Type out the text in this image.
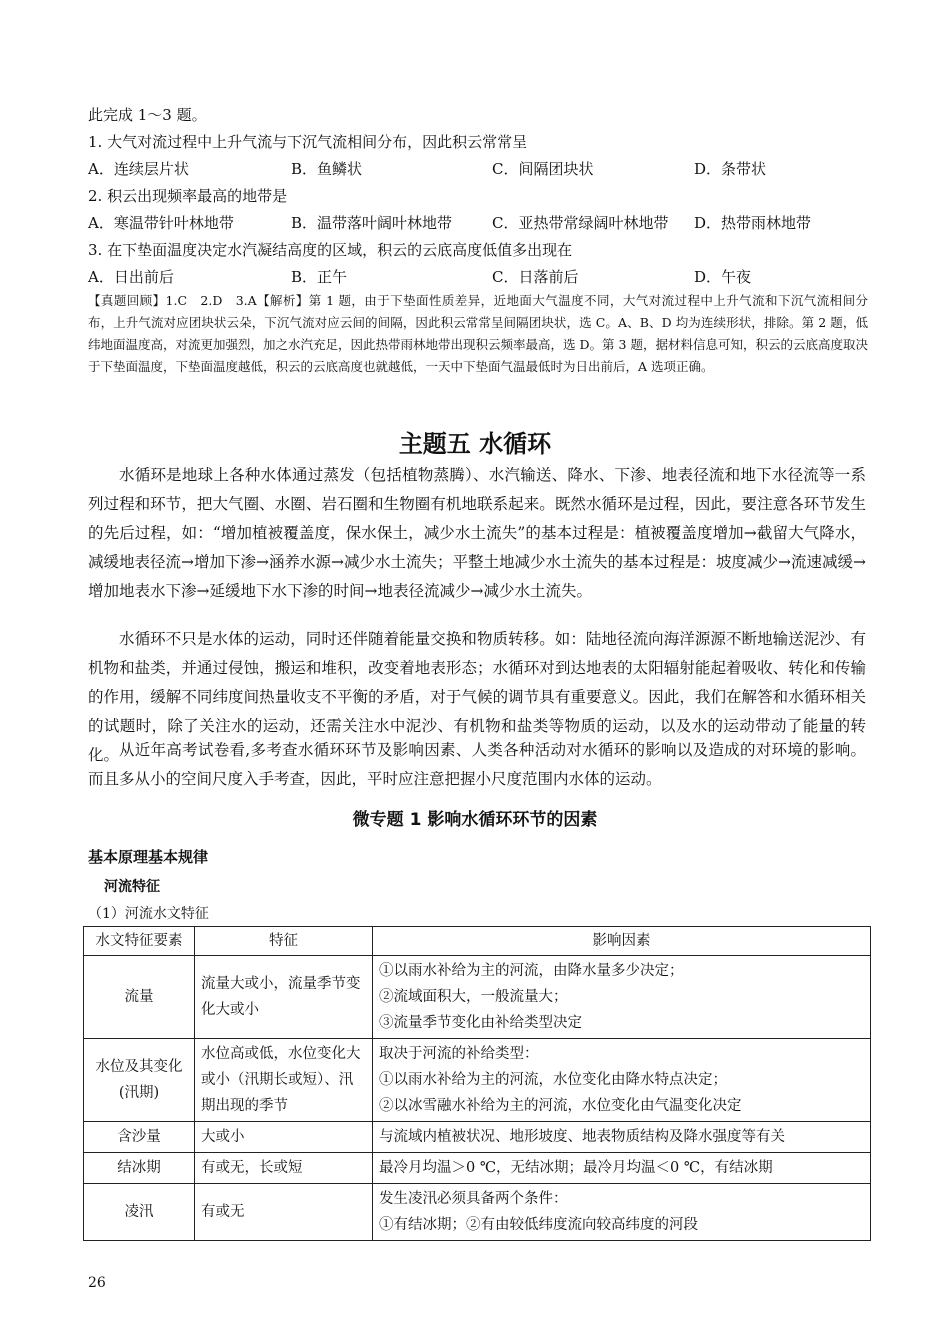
此完成 1～3 题。
1. 大气对流过程中上升气流与下沉气流相间分布，因此积云常常呈
A．连续层片状	B．鱼鳞状	C．间隔团块状	D．条带状
2. 积云出现频率最高的地带是
A．寒温带针叶林地带	B．温带落叶阔叶林地带	C．亚热带常绿阔叶林地带 D．热带雨林地带
3. 在下垫面温度决定水汽凝结高度的区域，积云的云底高度低值多出现在
A．日出前后	B．正午	C．日落前后	D．午夜
【真题回顾】1.C　2.D　3.A【解析】第 1 题，由于下垫面性质差异，近地面大气温度不同，大气对流过程中上升气流和下沉气流相间分布，上升气流对应团块状云朵，下沉气流对应云间的间隔，因此积云常常呈间隔团块状，选 C。A、B、D 均为连续形状，排除。第 2 题，低纬地面温度高，对流更加强烈，加之水汽充足，因此热带雨林地带出现积云频率最高，选 D。第 3 题，据材料信息可知，积云的云底高度取决于下垫面温度，下垫面温度越低，积云的云底高度也就越低，一天中下垫面气温最低时为日出前后，A 选项正确。
主题五 水循环
水循环是地球上各种水体通过蒸发（包括植物蒸腾）、水汽输送、降水、下渗、地表径流和地下水径流等一系列过程和环节，把大气圈、水圈、岩石圈和生物圈有机地联系起来。既然水循环是过程，因此，要注意各环节发生的先后过程，如：“增加植被覆盖度，保水保土，减少水土流失”的基本过程是：植被覆盖度增加→截留大气降水，减缓地表径流→增加下渗→涵养水源→减少水土流失；平整土地减少水土流失的基本过程是：坡度减少→流速减缓→增加地表水下渗→延缓地下水下渗的时间→地表径流减少→减少水土流失。
水循环不只是水体的运动，同时还伴随着能量交换和物质转移。如：陆地径流向海洋源源不断地输送泥沙、有机物和盐类，并通过侵蚀，搬运和堆积，改变着地表形态；水循环对到达地表的太阳辐射能起着吸收、转化和传输的作用，缓解不同纬度间热量收支不平衡的矛盾，对于气候的调节具有重要意义。因此，我们在解答和水循环相关的试题时，除了关注水的运动，还需关注水中泥沙、有机物和盐类等物质的运动，以及水的运动带动了能量的转化。 从近年高考试卷看,多考查水循环环节及影响因素、人类各种活动对水循环的影响以及造成的对环境的影响。而且多从小的空间尺度入手考查，因此，平时应注意把握小尺度范围内水体的运动。
微专题 1 影响水循环环节的因素
基本原理基本规律
河流特征
（1）河流水文特征
水文特征要素	特征	影响因素
流量	流量大或小，流量季节变化大或小	①以雨水补给为主的河流，由降水量多少决定；
②流域面积大，一般流量大；
③流量季节变化由补给类型决定

水位及其变化(汛期)	水位高或低，水位变化大或小（汛期长或短）、汛期出现的季节	取决于河流的补给类型：
①以雨水补给为主的河流，水位变化由降水特点决定；
②以冰雪融水补给为主的河流，水位变化由气温变化决定

含沙量	大或小	与流域内植被状况、地形坡度、地表物质结构及降水强度等有关

结冰期	有或无，长或短	最冷月均温＞0 ℃，无结冰期；最冷月均温＜0 ℃，有结冰期

凌汛	有或无	发生凌汛必须具备两个条件：
①有结冰期；②有由较低纬度流向较高纬度的河段
26
